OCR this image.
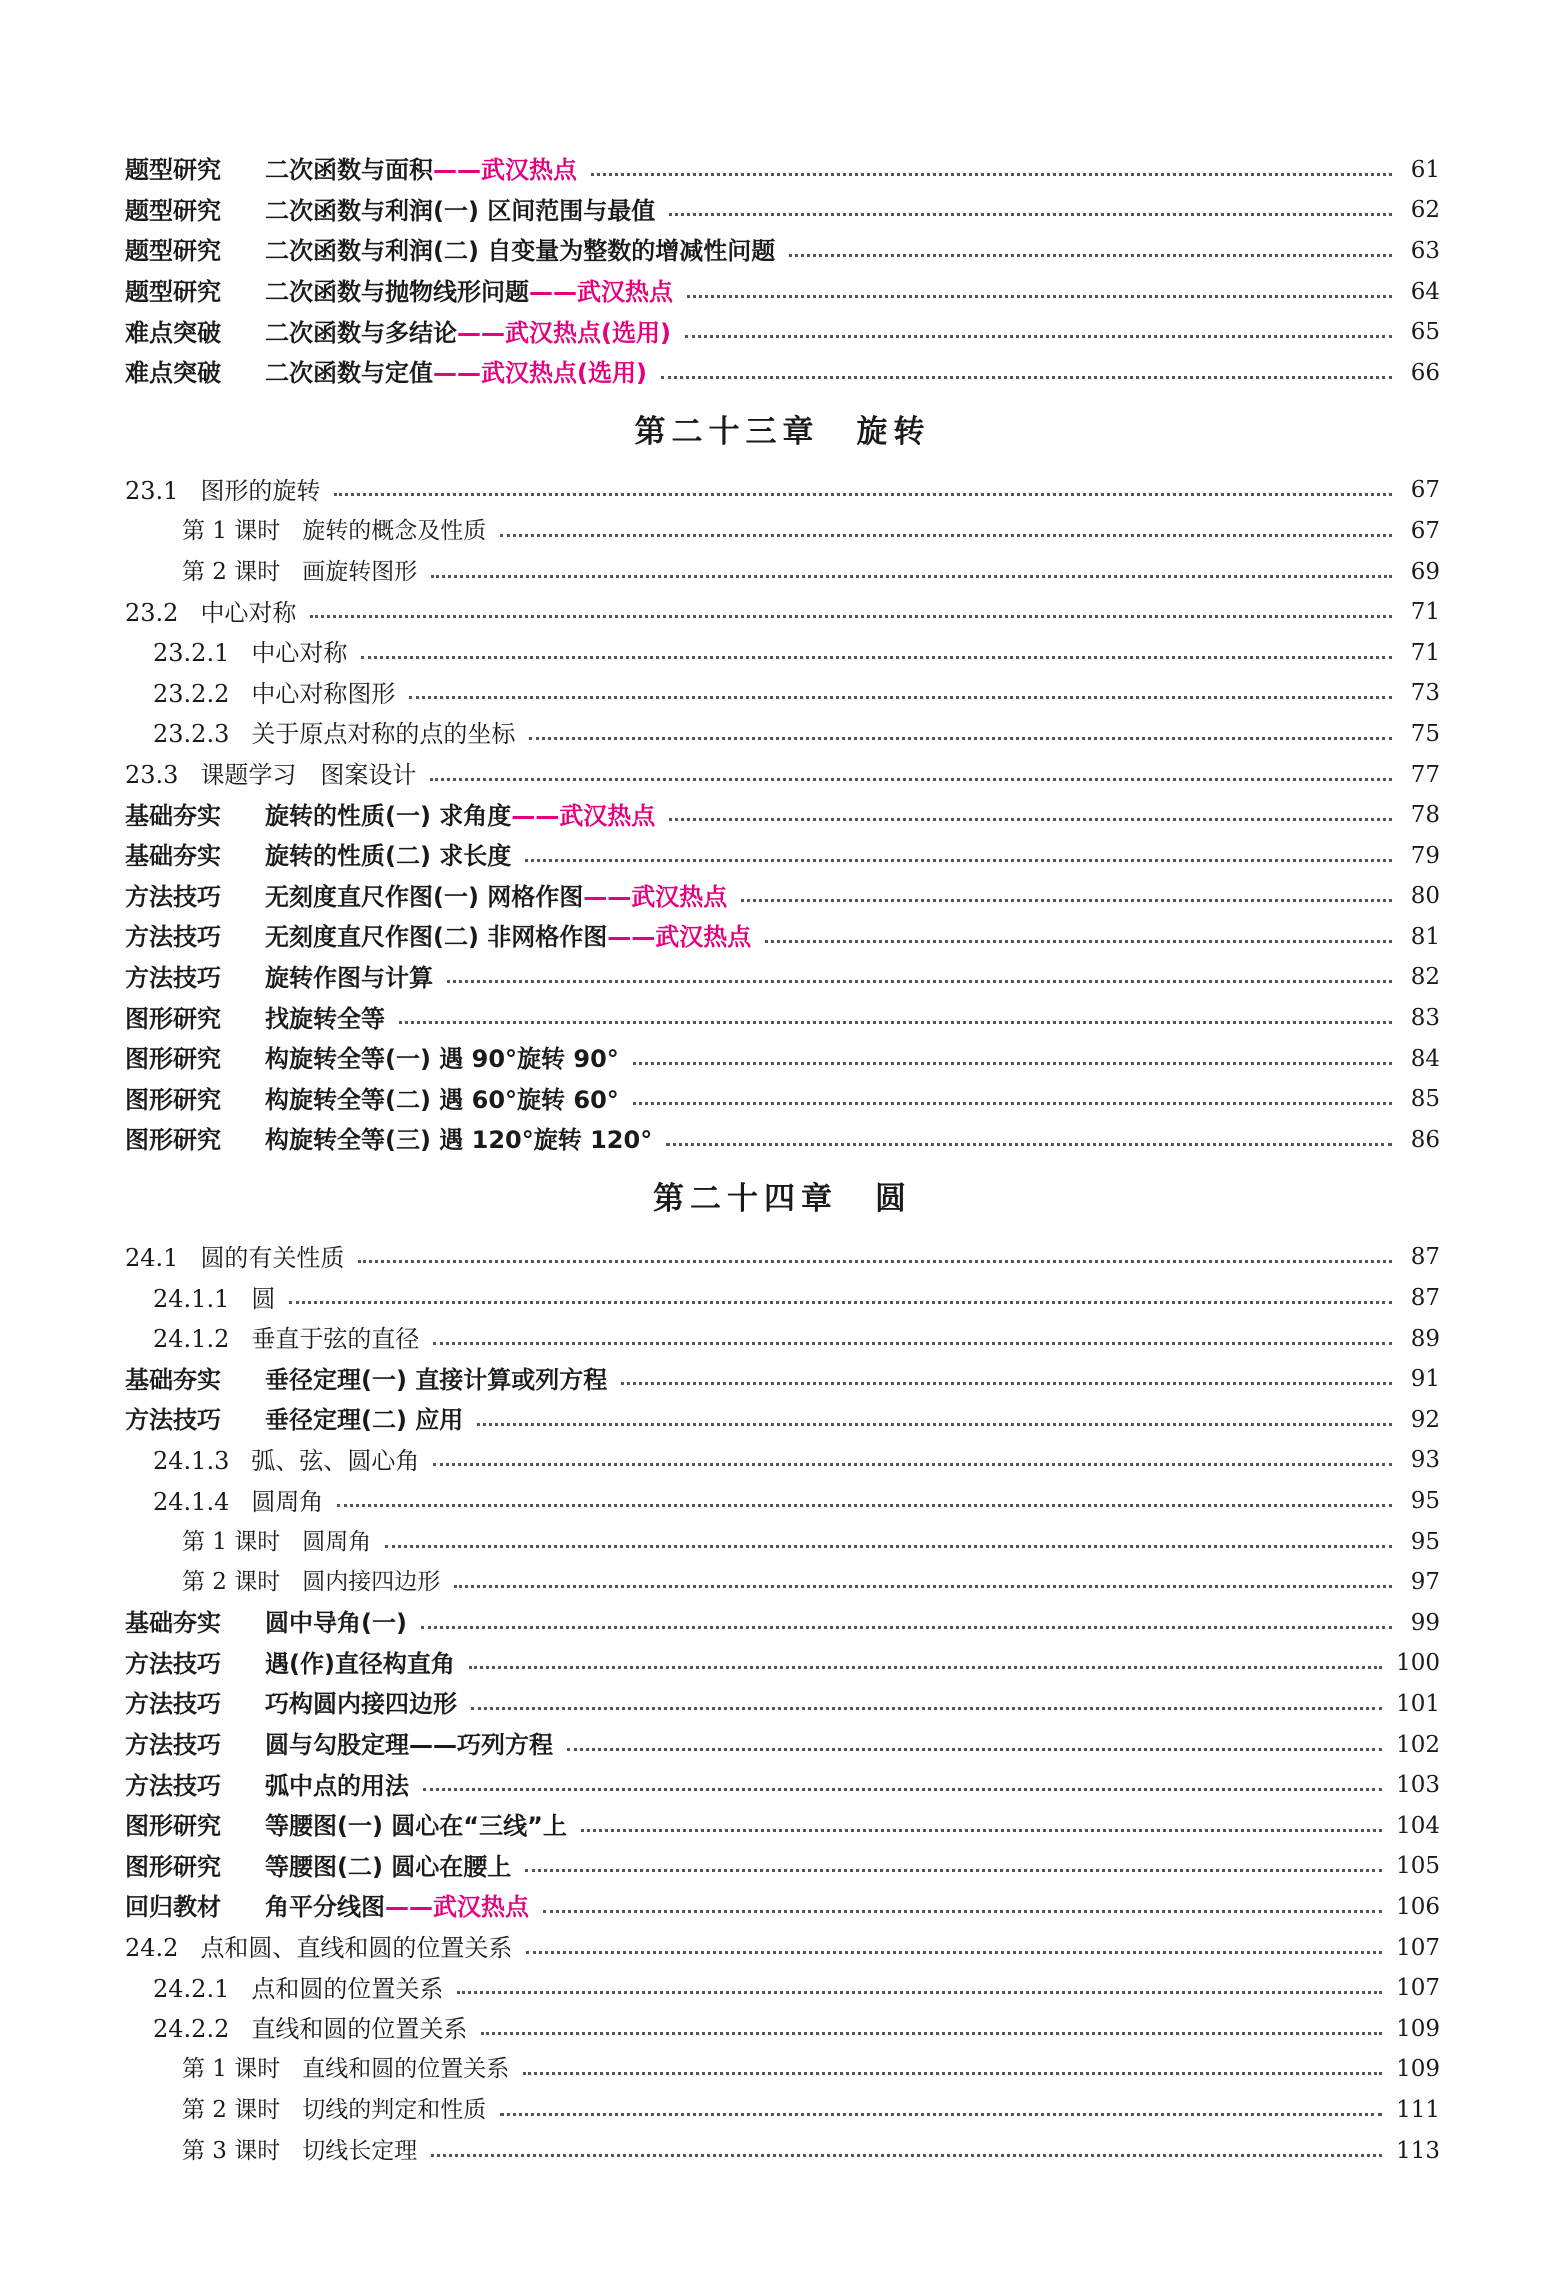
题型研究	二次函数与面积 ——武汉热点	61
题型研究	二次函数与利润(一) 区间范围与最值	62
题型研究	二次函数与利润(二) 自变量为整数的增减性问题	63
题型研究	二次函数与抛物线形问题 ——武汉热点	64
难点突破	二次函数与多结论 ——武汉热点(选用)	65
难点突破	二次函数与定值 ——武汉热点(选用)	66
第二十三章　旋转
23.1 图形的旋转	67
第 1 课时 旋转的概念及性质	67
第 2 课时 画旋转图形	69
23.2 中心对称	71
23.2.1 中心对称	71
23.2.2 中心对称图形	73
23.2.3 关于原点对称的点的坐标	75
23.3 课题学习　图案设计	77
基础夯实	旋转的性质(一) 求角度 ——武汉热点	78
基础夯实	旋转的性质(二) 求长度	79
方法技巧	无刻度直尺作图(一) 网格作图 ——武汉热点	80
方法技巧	无刻度直尺作图(二) 非网格作图 ——武汉热点	81
方法技巧	旋转作图与计算	82
图形研究	找旋转全等	83
图形研究	构旋转全等(一) 遇 90°旋转 90°	84
图形研究	构旋转全等(二) 遇 60°旋转 60°	85
图形研究	构旋转全等(三) 遇 120°旋转 120°	86
第二十四章　圆
24.1 圆的有关性质	87
24.1.1 圆	87
24.1.2 垂直于弦的直径	89
基础夯实	垂径定理(一) 直接计算或列方程	91
方法技巧	垂径定理(二) 应用	92
24.1.3 弧、弦、圆心角	93
24.1.4 圆周角	95
第 1 课时 圆周角	95
第 2 课时 圆内接四边形	97
基础夯实	圆中导角(一)	99
方法技巧	遇(作)直径构直角	100
方法技巧	巧构圆内接四边形	101
方法技巧	圆与勾股定理——巧列方程	102
方法技巧	弧中点的用法	103
图形研究	等腰图(一) 圆心在“三线”上	104
图形研究	等腰图(二) 圆心在腰上	105
回归教材	角平分线图 ——武汉热点	106
24.2 点和圆、直线和圆的位置关系	107
24.2.1 点和圆的位置关系	107
24.2.2 直线和圆的位置关系	109
第 1 课时 直线和圆的位置关系	109
第 2 课时 切线的判定和性质	111
第 3 课时 切线长定理	113
